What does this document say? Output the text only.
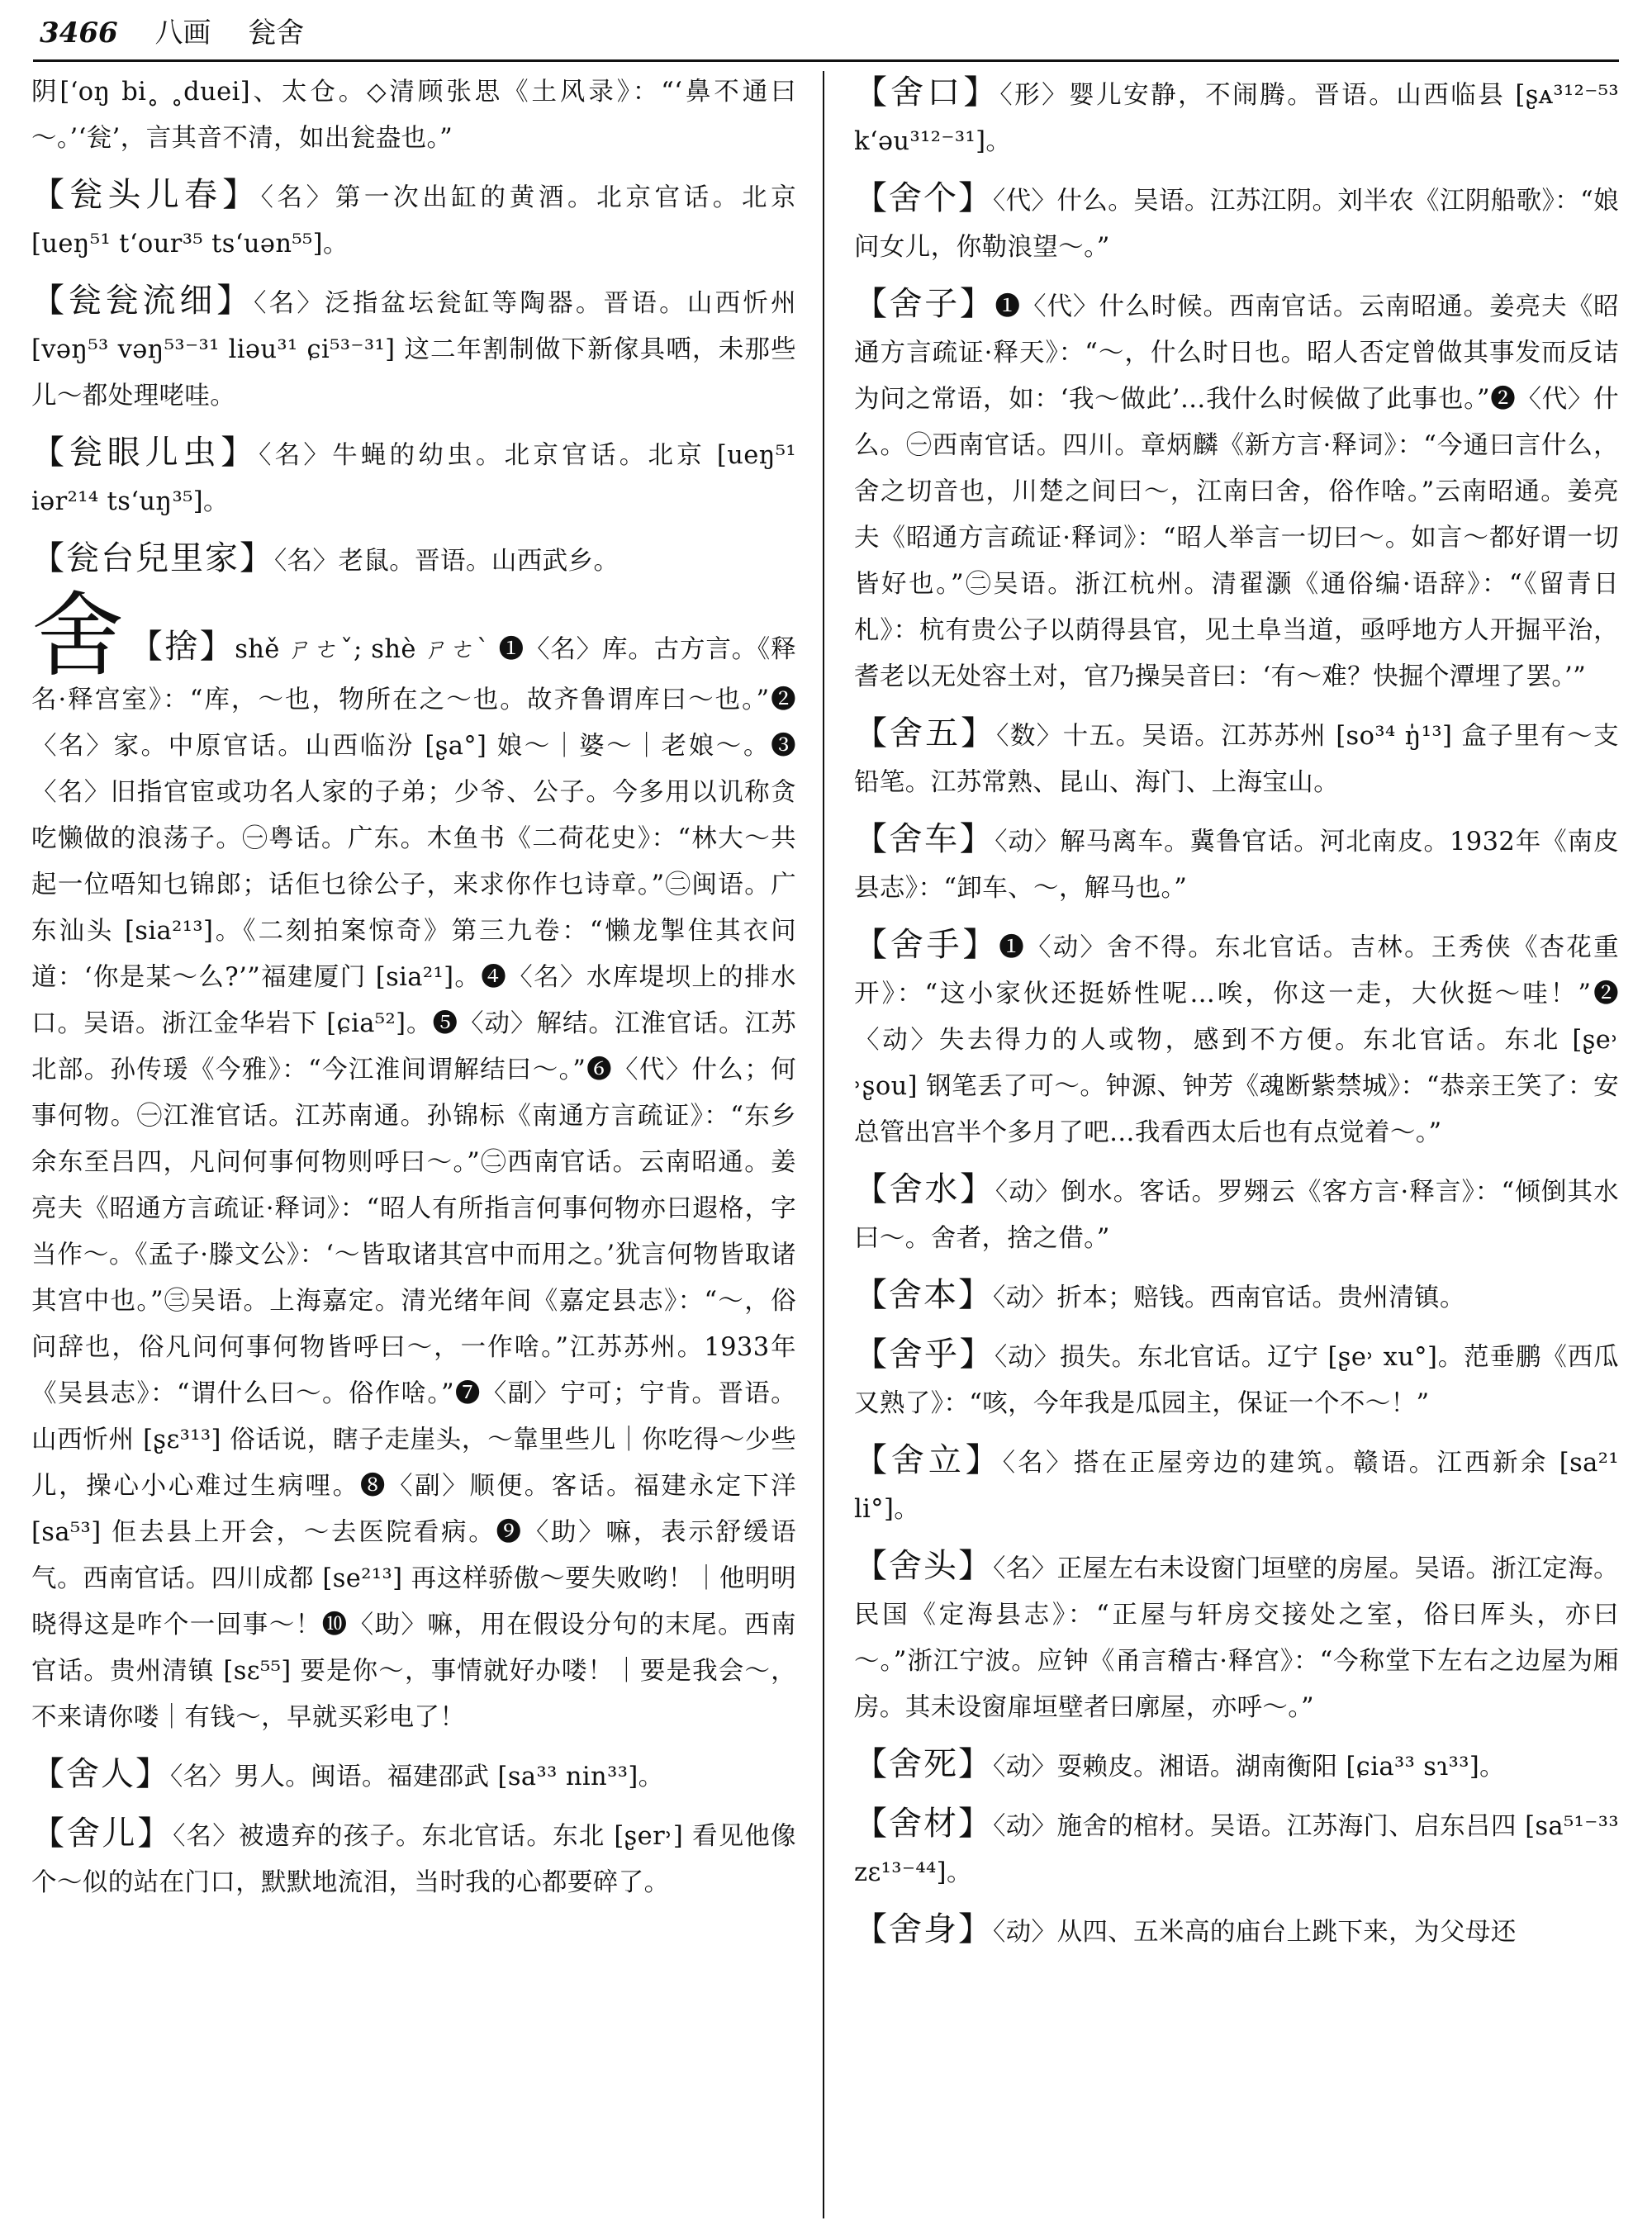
3466 八画 瓮舍
阴[ʻoŋ bi˳ ˳duei]、太仓。◇清顾张思《土风录》：“‘鼻不通曰～。’‘瓮’，言其音不清，如出瓮盎也。”
【瓮头儿春】〈名〉第一次出缸的黄酒。北京官话。北京 [ueŋ⁵¹ tʻour³⁵ tsʻuən⁵⁵]。
【瓮瓮流细】〈名〉泛指盆坛瓮缸等陶器。晋语。山西忻州 [vəŋ⁵³ vəŋ⁵³⁻³¹ liəu³¹ ɕi⁵³⁻³¹] 这二年割制做下新傢具哂，未那些儿～都处理咾哇。
【瓮眼儿虫】〈名〉牛蝇的幼虫。北京官话。北京 [ueŋ⁵¹ iər²¹⁴ tsʻuŋ³⁵]。
【瓮台兒里家】〈名〉老鼠。晋语。山西武乡。
舍 【捨】shě ㄕㄜˇ; shè ㄕㄜˋ ❶〈名〉库。古方言。《释名·释宫室》：“库，～也，物所在之～也。故齐鲁谓库曰～也。”❷〈名〉家。中原官话。山西临汾 [ʂa°] 娘～｜婆～｜老娘～。❸〈名〉旧指官宦或功名人家的子弟；少爷、公子。今多用以讥称贪吃懒做的浪荡子。㊀粤话。广东。木鱼书《二荷花史》：“林大～共起一位唔知乜锦郎；话佢乜徐公子，来求你作乜诗章。”㊁闽语。广东汕头 [sia²¹³]。《二刻拍案惊奇》第三九卷：“懒龙掣住其衣问道：‘你是某～么?’”福建厦门 [sia²¹]。❹〈名〉水库堤坝上的排水口。吴语。浙江金华岩下 [ɕia⁵²]。❺〈动〉解结。江淮官话。江苏北部。孙传瑗《今雅》：“今江淮间谓解结曰～。”❻〈代〉什么；何事何物。㊀江淮官话。江苏南通。孙锦标《南通方言疏证》：“东乡余东至吕四，凡问何事何物则呼曰～。”㊁西南官话。云南昭通。姜亮夫《昭通方言疏证·释词》：“昭人有所指言何事何物亦曰遐格，字当作～。《孟子·滕文公》：‘～皆取诸其宫中而用之。’犹言何物皆取诸其宫中也。”㊂吴语。上海嘉定。清光绪年间《嘉定县志》：“～，俗问辞也，俗凡问何事何物皆呼曰～，一作啥。”江苏苏州。1933年《吴县志》：“谓什么曰～。俗作啥。”❼〈副〉宁可；宁肯。晋语。山西忻州 [ʂɛ³¹³] 俗话说，瞎子走崖头，～靠里些儿｜你吃得～少些儿，操心小心难过生病哩。❽〈副〉顺便。客话。福建永定下洋 [sa⁵³] 佢去县上开会，～去医院看病。❾〈助〉嘛，表示舒缓语气。西南官话。四川成都 [se²¹³] 再这样骄傲～要失败哟！｜他明明晓得这是咋个一回事～！❿〈助〉嘛，用在假设分句的末尾。西南官话。贵州清镇 [sɛ⁵⁵] 要是你～，事情就好办喽！｜要是我会～，不来请你喽｜有钱～，早就买彩电了！
【舍人】〈名〉男人。闽语。福建邵武 [sa³³ nin³³]。
【舍儿】〈名〉被遗弃的孩子。东北官话。东北 [ʂer˒] 看见他像个～似的站在门口，默默地流泪，当时我的心都要碎了。
【舍口】〈形〉婴儿安静，不闹腾。晋语。山西临县 [ʂᴀ³¹²⁻⁵³ kʻəu³¹²⁻³¹]。
【舍个】〈代〉什么。吴语。江苏江阴。刘半农《江阴船歌》：“娘问女儿，你勒浪望～。”
【舍子】❶〈代〉什么时候。西南官话。云南昭通。姜亮夫《昭通方言疏证·释天》：“～，什么时日也。昭人否定曾做其事发而反诘为问之常语，如：‘我～做此’…我什么时候做了此事也。”❷〈代〉什么。㊀西南官话。四川。章炳麟《新方言·释词》：“今通曰言什么，舍之切音也，川楚之间曰～，江南曰舍，俗作啥。”云南昭通。姜亮夫《昭通方言疏证·释词》：“昭人举言一切曰～。如言～都好谓一切皆好也。”㊁吴语。浙江杭州。清翟灏《通俗编·语辞》：“《留青日札》：杭有贵公子以荫得县官，见土阜当道，亟呼地方人开掘平治，耆老以无处容土对，官乃操吴音曰：‘有～难？快掘个潭埋了罢。’”
【舍五】〈数〉十五。吴语。江苏苏州 [so³⁴ ŋ̍¹³] 盒子里有～支铅笔。江苏常熟、昆山、海门、上海宝山。
【舍车】〈动〉解马离车。冀鲁官话。河北南皮。1932年《南皮县志》：“卸车、～，解马也。”
【舍手】❶〈动〉舍不得。东北官话。吉林。王秀侠《杏花重开》：“这小家伙还挺娇性呢…唉，你这一走，大伙挺～哇！”❷〈动〉失去得力的人或物，感到不方便。东北官话。东北 [ʂe˒ ˒ʂou] 钢笔丢了可～。钟源、钟芳《魂断紫禁城》：“恭亲王笑了：安总管出宫半个多月了吧…我看西太后也有点觉着～。”
【舍水】〈动〉倒水。客话。罗翙云《客方言·释言》：“倾倒其水曰～。舍者，捨之借。”
【舍本】〈动〉折本；赔钱。西南官话。贵州清镇。
【舍乎】〈动〉损失。东北官话。辽宁 [ʂe˒ xu°]。范垂鹏《西瓜又熟了》：“咳，今年我是瓜园主，保证一个不～！”
【舍立】〈名〉搭在正屋旁边的建筑。赣语。江西新余 [sa²¹ li°]。
【舍头】〈名〉正屋左右未设窗门垣壁的房屋。吴语。浙江定海。民国《定海县志》：“正屋与轩房交接处之室，俗曰厍头，亦曰～。”浙江宁波。应钟《甬言稽古·释宫》：“今称堂下左右之边屋为厢房。其未设窗扉垣壁者曰廓屋，亦呼～。”
【舍死】〈动〉耍赖皮。湘语。湖南衡阳 [ɕia³³ sɿ³³]。
【舍材】〈动〉施舍的棺材。吴语。江苏海门、启东吕四 [sa⁵¹⁻³³ zɛ¹³⁻⁴⁴]。
【舍身】〈动〉从四、五米高的庙台上跳下来，为父母还
